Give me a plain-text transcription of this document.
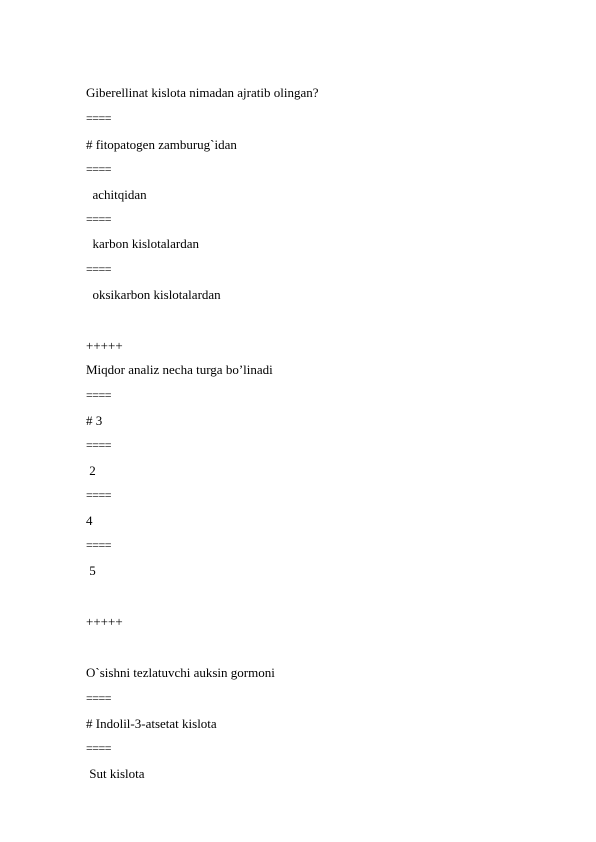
Giberellinat kislota nimadan ajratib olingan?
====
# fitopatogen zamburug`idan
====
achitqidan
====
karbon kislotalardan
====
oksikarbon kislotalardan
+++++
Miqdor analiz necha turga bo’linadi
====
# 3
====
2
====
4
====
5
+++++
O`sishni tezlatuvchi auksin gormoni
====
# Indolil-3-atsetat kislota
====
Sut kislota
